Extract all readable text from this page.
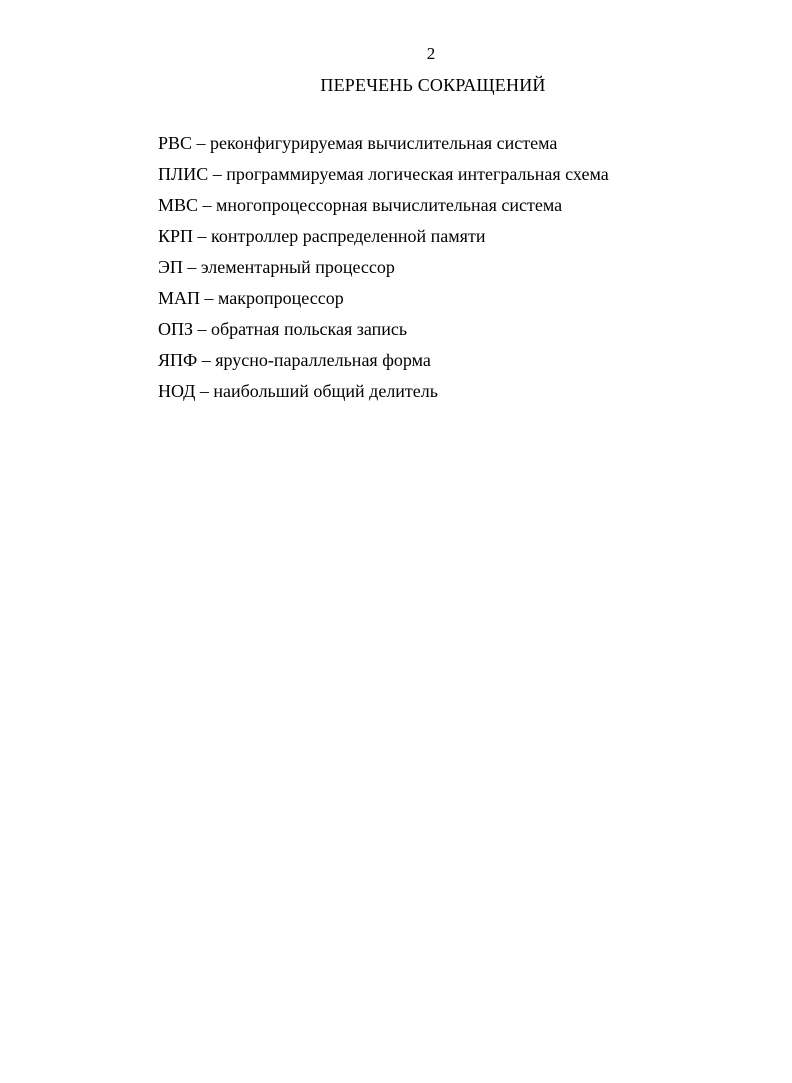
2
ПЕРЕЧЕНЬ СОКРАЩЕНИЙ
РВС – реконфигурируемая вычислительная система
ПЛИС – программируемая логическая интегральная схема
МВС – многопроцессорная вычислительная система
КРП – контроллер распределенной памяти
ЭП – элементарный процессор
МАП – макропроцессор
ОПЗ – обратная польская запись
ЯПФ – ярусно-параллельная форма
НОД – наибольший общий делитель
